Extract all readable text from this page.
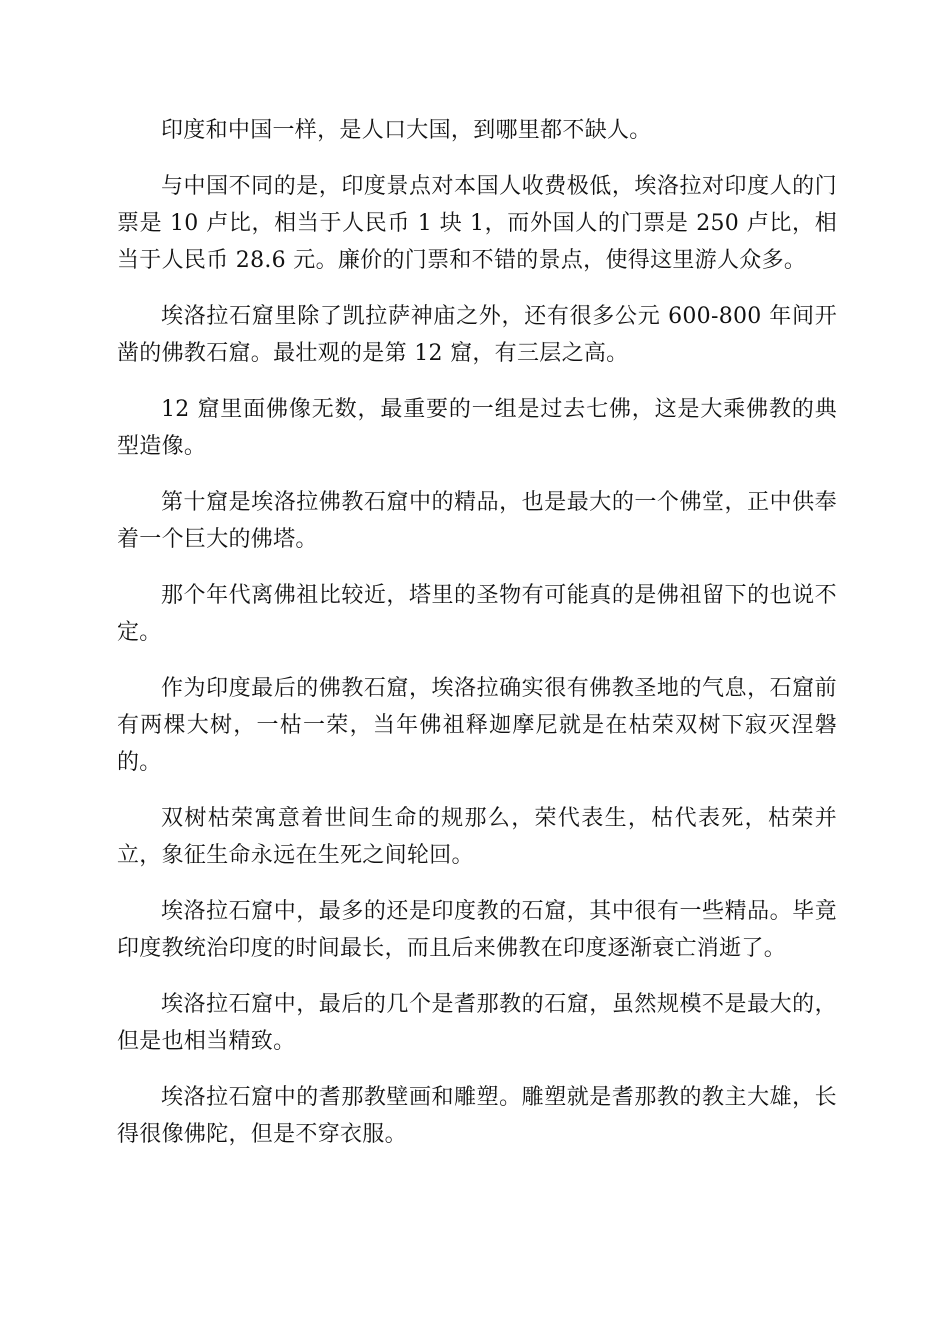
印度和中国一样，是人口大国，到哪里都不缺人。

与中国不同的是，印度景点对本国人收费极低，埃洛拉对印度人的门票是 10 卢比，相当于人民币 1 块 1，而外国人的门票是 250 卢比，相当于人民币 28.6 元。廉价的门票和不错的景点，使得这里游人众多。

埃洛拉石窟里除了凯拉萨神庙之外，还有很多公元 600-800 年间开凿的佛教石窟。最壮观的是第 12 窟，有三层之高。

12 窟里面佛像无数，最重要的一组是过去七佛，这是大乘佛教的典型造像。

第十窟是埃洛拉佛教石窟中的精品，也是最大的一个佛堂，正中供奉着一个巨大的佛塔。

那个年代离佛祖比较近，塔里的圣物有可能真的是佛祖留下的也说不定。

作为印度最后的佛教石窟，埃洛拉确实很有佛教圣地的气息，石窟前有两棵大树，一枯一荣，当年佛祖释迦摩尼就是在枯荣双树下寂灭涅磐的。

双树枯荣寓意着世间生命的规那么，荣代表生，枯代表死，枯荣并立，象征生命永远在生死之间轮回。

埃洛拉石窟中，最多的还是印度教的石窟，其中很有一些精品。毕竟印度教统治印度的时间最长，而且后来佛教在印度逐渐衰亡消逝了。

埃洛拉石窟中，最后的几个是耆那教的石窟，虽然规模不是最大的，但是也相当精致。

埃洛拉石窟中的耆那教壁画和雕塑。雕塑就是耆那教的教主大雄，长得很像佛陀，但是不穿衣服。
